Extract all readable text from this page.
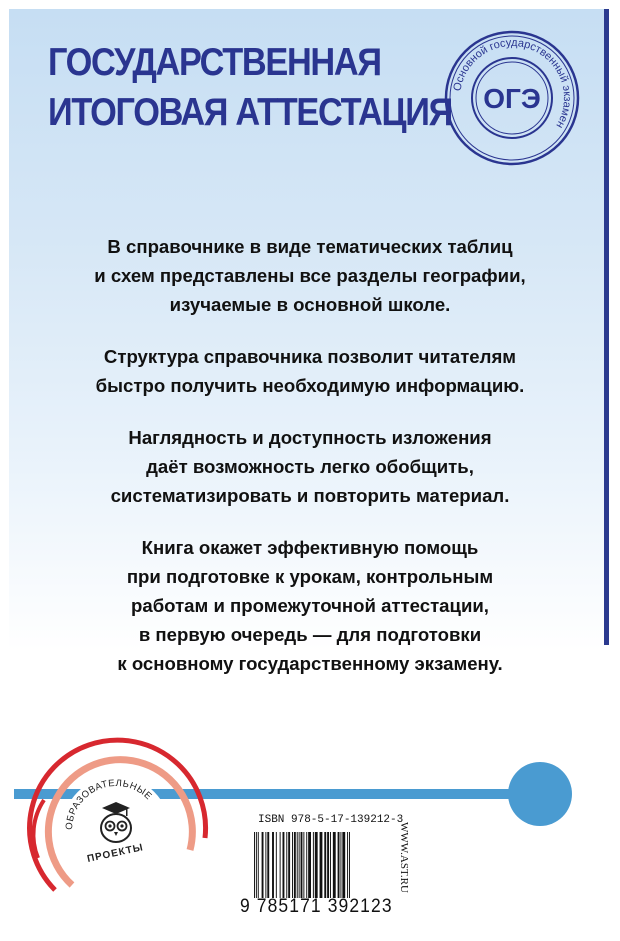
ГОСУДАРСТВЕННАЯ
ИТОГОВАЯ АТТЕСТАЦИЯ
Основной государственный экзамен
ОГЭ

В справочнике в виде тематических таблиц
и схем представлены все разделы географии,
изучаемые в основной школе.

Структура справочника позволит читателям
быстро получить необходимую информацию.

Наглядность и доступность изложения
даёт возможность легко обобщить,
систематизировать и повторить материал.

Книга окажет эффективную помощь
при подготовке к урокам, контрольным
работам и промежуточной аттестации,
в первую очередь — для подготовки
к основному государственному экзамену.

ОБРАЗОВАТЕЛЬНЫЕ
ПРОЕКТЫ
ISBN 978-5-17-139212-3
9 785171 392123
WWW.AST.RU
